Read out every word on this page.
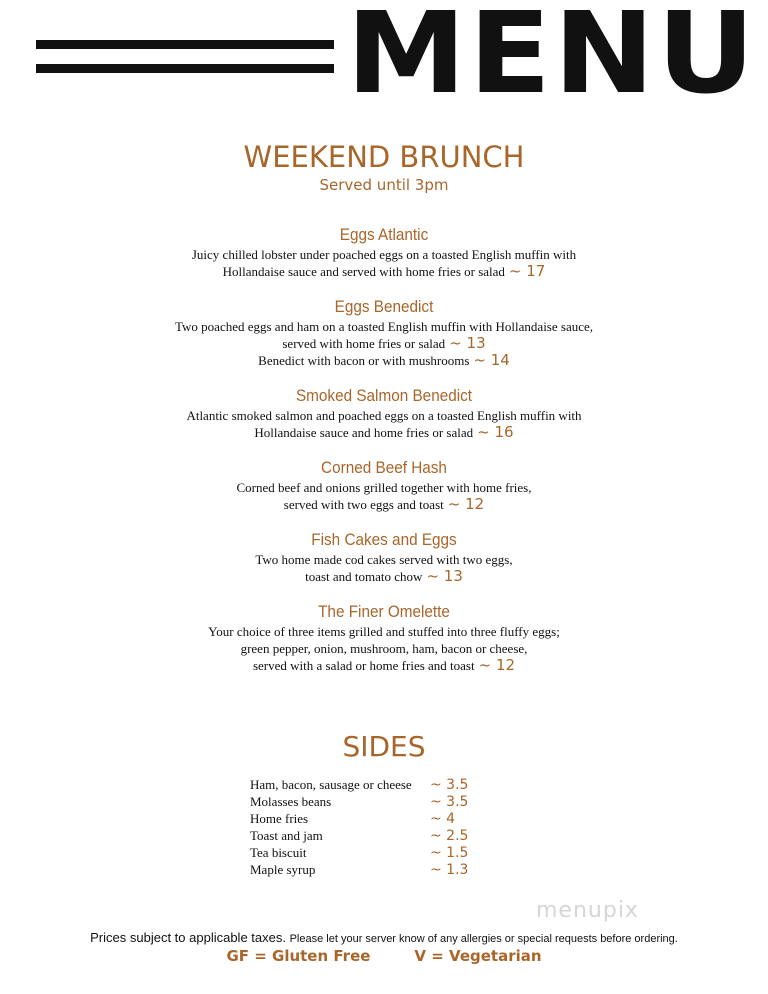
MENU
WEEKEND BRUNCH
Served until 3pm
Eggs Atlantic

Juicy chilled lobster under poached eggs on a toasted English muffin with

Hollandaise sauce and served with home fries or salad ~ 17

Eggs Benedict

Two poached eggs and ham on a toasted English muffin with Hollandaise sauce,

served with home fries or salad ~ 13

Benedict with bacon or with mushrooms ~ 14

Smoked Salmon Benedict

Atlantic smoked salmon and poached eggs on a toasted English muffin with

Hollandaise sauce and home fries or salad ~ 16

Corned Beef Hash

Corned beef and onions grilled together with home fries,

served with two eggs and toast ~ 12

Fish Cakes and Eggs

Two home made cod cakes served with two eggs,

toast and tomato chow ~ 13

The Finer Omelette

Your choice of three items grilled and stuffed into three fluffy eggs;

green pepper, onion, mushroom, ham, bacon or cheese,

served with a salad or home fries and toast ~ 12

SIDES
Ham, bacon, sausage or cheese ~ 3.5
Molasses beans	~ 3.5
Home fries	~ 4
Toast and jam	~ 2.5
Tea biscuit	~ 1.5
Maple syrup	~ 1.3
menupix

Prices subject to applicable taxes. Please let your server know of any allergies or special requests before ordering.

GF = Gluten Free	V = Vegetarian
